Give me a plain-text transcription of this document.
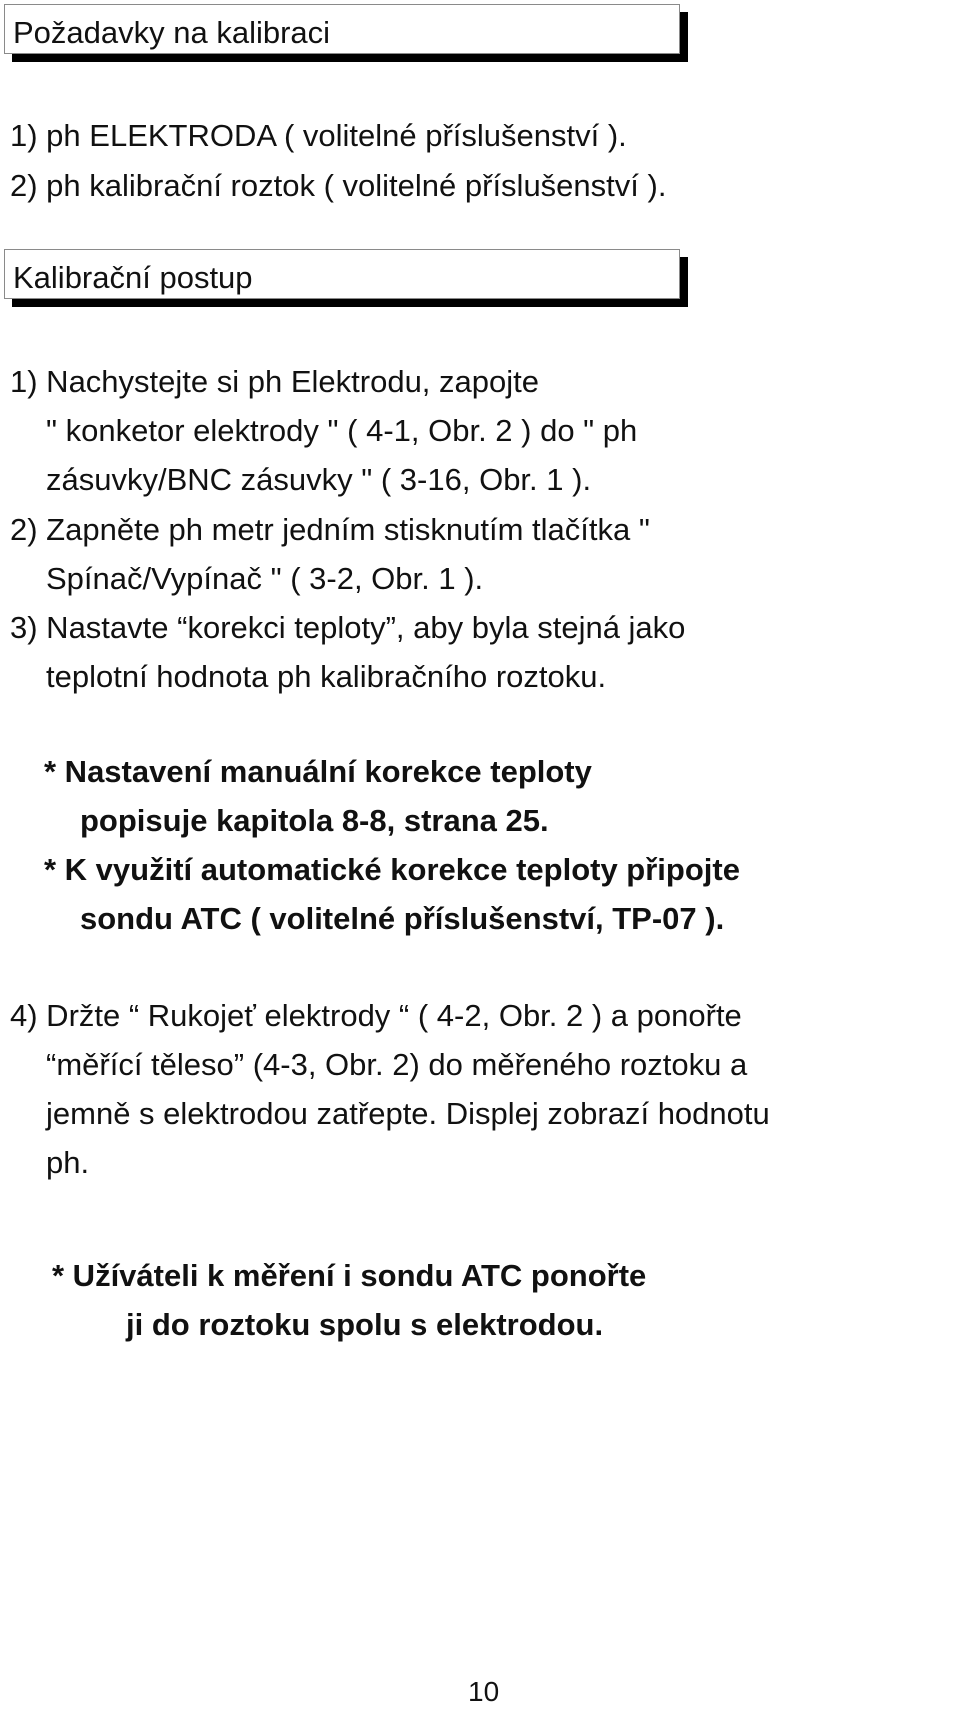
Požadavky na kalibraci
1) ph ELEKTRODA ( volitelné příslušenství ).
2) ph kalibrační roztok ( volitelné příslušenství ).
Kalibrační postup
1) Nachystejte si ph Elektrodu, zapojte
" konketor elektrody " ( 4-1, Obr. 2 ) do " ph
zásuvky/BNC zásuvky " ( 3-16, Obr. 1 ).
2) Zapněte ph metr jedním stisknutím tlačítka "
Spínač/Vypínač " ( 3-2, Obr. 1 ).
3) Nastavte “korekci teploty”, aby byla stejná jako
teplotní hodnota ph kalibračního roztoku.
* Nastavení manuální korekce teploty
popisuje kapitola 8-8, strana 25.
* K využití automatické korekce teploty připojte
sondu ATC ( volitelné příslušenství, TP-07 ).
4) Držte “ Rukojeť elektrody “ ( 4-2, Obr. 2 ) a ponořte
“měřící těleso” (4-3, Obr. 2) do měřeného roztoku a
jemně s elektrodou zatřepte. Displej zobrazí hodnotu
ph.
* Užíváteli k měření i sondu ATC ponořte
ji do roztoku spolu s elektrodou.
10
